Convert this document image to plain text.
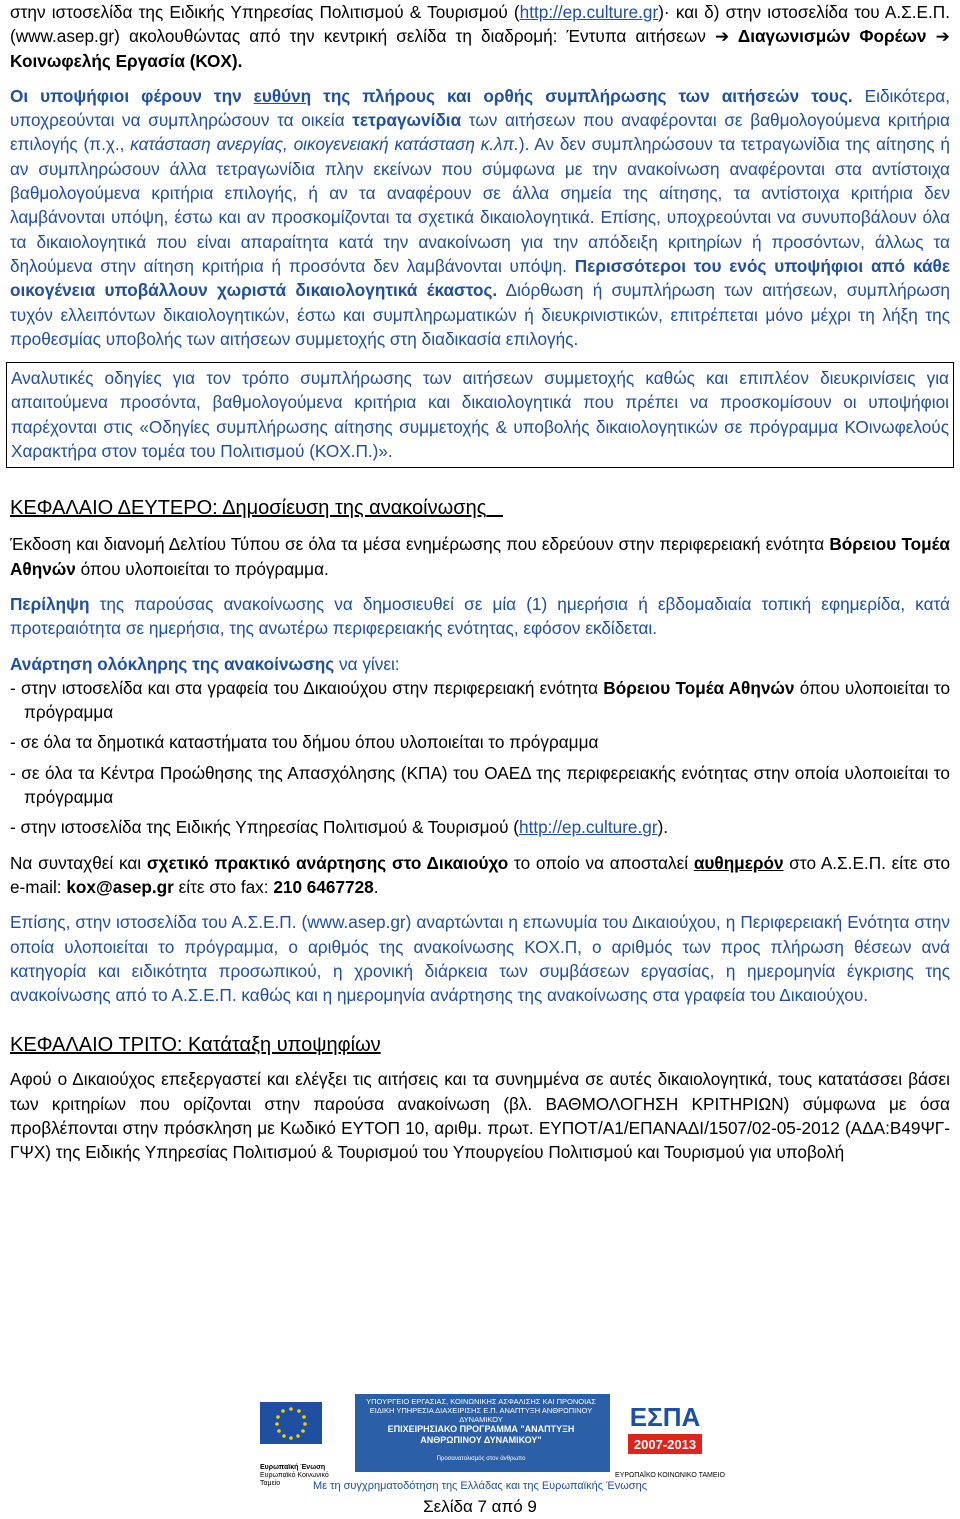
στην ιστοσελίδα της Ειδικής Υπηρεσίας Πολιτισμού & Τουρισμού (http://ep.culture.gr)· και δ) στην ιστοσελίδα του Α.Σ.Ε.Π. (www.asep.gr) ακολουθώντας από την κεντρική σελίδα τη διαδρομή: Έντυπα αιτήσεων ➔ Διαγωνισμών Φορέων ➔ Κοινωφελής Εργασία (ΚΟΧ).

Οι υποψήφιοι φέρουν την ευθύνη της πλήρους και ορθής συμπλήρωσης των αιτήσεών τους. Ειδικότερα, υποχρεούνται να συμπληρώσουν τα οικεία τετραγωνίδια των αιτήσεων που αναφέρονται σε βαθμολογούμενα κριτήρια επιλογής (π.χ., κατάσταση ανεργίας, οικογενειακή κατάσταση κ.λπ.). Αν δεν συμπληρώσουν τα τετραγωνίδια της αίτησης ή αν συμπληρώσουν άλλα τετραγωνίδια πλην εκείνων που σύμφωνα με την ανακοίνωση αναφέρονται στα αντίστοιχα βαθμολογούμενα κριτήρια επιλογής, ή αν τα αναφέρουν σε άλλα σημεία της αίτησης, τα αντίστοιχα κριτήρια δεν λαμβάνονται υπόψη, έστω και αν προσκομίζονται τα σχετικά δικαιολογητικά. Επίσης, υποχρεούνται να συνυποβάλουν όλα τα δικαιολογητικά που είναι απαραίτητα κατά την ανακοίνωση για την απόδειξη κριτηρίων ή προσόντων, άλλως τα δηλούμενα στην αίτηση κριτήρια ή προσόντα δεν λαμβάνονται υπόψη. Περισσότεροι του ενός υποψήφιοι από κάθε οικογένεια υποβάλλουν χωριστά δικαιολογητικά έκαστος. Διόρθωση ή συμπλήρωση των αιτήσεων, συμπλήρωση τυχόν ελλειπόντων δικαιολογητικών, έστω και συμπληρωματικών ή διευκρινιστικών, επιτρέπεται μόνο μέχρι τη λήξη της προθεσμίας υποβολής των αιτήσεων συμμετοχής στη διαδικασία επιλογής.

Αναλυτικές οδηγίες για τον τρόπο συμπλήρωσης των αιτήσεων συμμετοχής καθώς και επιπλέον διευκρινίσεις για απαιτούμενα προσόντα, βαθμολογούμενα κριτήρια και δικαιολογητικά που πρέπει να προσκομίσουν οι υποψήφιοι παρέχονται στις «Οδηγίες συμπλήρωσης αίτησης συμμετοχής & υποβολής δικαιολογητικών σε πρόγραμμα ΚΟινωφελούς Χαρακτήρα στον τομέα του Πολιτισμού (ΚΟΧ.Π.)».

ΚΕΦΑΛΑΙΟ ΔΕΥΤΕΡΟ: Δημοσίευση της ανακοίνωσης

Έκδοση και διανομή Δελτίου Τύπου σε όλα τα μέσα ενημέρωσης που εδρεύουν στην περιφερειακή ενότητα Βόρειου Τομέα Αθηνών όπου υλοποιείται το πρόγραμμα.

Περίληψη της παρούσας ανακοίνωσης να δημοσιευθεί σε μία (1) ημερήσια ή εβδομαδιαία τοπική εφημερίδα, κατά προτεραιότητα σε ημερήσια, της ανωτέρω περιφερειακής ενότητας, εφόσον εκδίδεται.

Ανάρτηση ολόκληρης της ανακοίνωσης να γίνει:

- στην ιστοσελίδα και στα γραφεία του Δικαιούχου στην περιφερειακή ενότητα Βόρειου Τομέα Αθηνών όπου υλοποιείται το πρόγραμμα

- σε όλα τα δημοτικά καταστήματα του δήμου όπου υλοποιείται το πρόγραμμα

- σε όλα τα Κέντρα Προώθησης της Απασχόλησης (ΚΠΑ) του ΟΑΕΔ της περιφερειακής ενότητας στην οποία υλοποιείται το πρόγραμμα

- στην ιστοσελίδα της Ειδικής Υπηρεσίας Πολιτισμού & Τουρισμού (http://ep.culture.gr).

Να συνταχθεί και σχετικό πρακτικό ανάρτησης στο Δικαιούχο το οποίο να αποσταλεί αυθημερόν στο Α.Σ.Ε.Π. είτε στο e-mail: kox@asep.gr είτε στο fax: 210 6467728.

Επίσης, στην ιστοσελίδα του Α.Σ.Ε.Π. (www.asep.gr) αναρτώνται η επωνυμία του Δικαιούχου, η Περιφερειακή Ενότητα στην οποία υλοποιείται το πρόγραμμα, ο αριθμός της ανακοίνωσης ΚΟΧ.Π, ο αριθμός των προς πλήρωση θέσεων ανά κατηγορία και ειδικότητα προσωπικού, η χρονική διάρκεια των συμβάσεων εργασίας, η ημερομηνία έγκρισης της ανακοίνωσης από το Α.Σ.Ε.Π. καθώς και η ημερομηνία ανάρτησης της ανακοίνωσης στα γραφεία του Δικαιούχου.

ΚΕΦΑΛΑΙΟ ΤΡΙΤΟ: Κατάταξη υποψηφίων

Αφού ο Δικαιούχος επεξεργαστεί και ελέγξει τις αιτήσεις και τα συνημμένα σε αυτές δικαιολογητικά, τους κατατάσσει βάσει των κριτηρίων που ορίζονται στην παρούσα ανακοίνωση (βλ. ΒΑΘΜΟΛΟΓΗΣΗ ΚΡΙΤΗΡΙΩΝ) σύμφωνα με όσα προβλέπονται στην πρόσκληση με Κωδικό ΕΥΤΟΠ 10, αριθμ. πρωτ. ΕΥΠΟΤ/Α1/ΕΠΑΝΑΔΙ/1507/02-05-2012 (ΑΔΑ:Β49ΨΓ-ΓΨΧ) της Ειδικής Υπηρεσίας Πολιτισμού & Τουρισμού του Υπουργείου Πολιτισμού και Τουρισμού για υποβολή

Ευρωπαϊκή Ένωση
Ευρωπαϊκό Κοινωνικό Ταμείο
ΥΠΟΥΡΓΕΙΟ ΕΡΓΑΣΙΑΣ, ΚΟΙΝΩΝΙΚΗΣ ΑΣΦΑΛΙΣΗΣ ΚΑΙ ΠΡΟΝΟΙΑΣ ΕΙΔΙΚΗ ΥΠΗΡΕΣΙΑ ΔΙΑΧΕΙΡΙΣΗΣ Ε.Π. ΑΝΑΠΤΥΞΗ ΑΝΘΡΩΠΙΝΟΥ ΔΥΝΑΜΙΚΟΥ
ΕΠΙΧΕΙΡΗΣΙΑΚΟ ΠΡΟΓΡΑΜΜΑ "ΑΝΑΠΤΥΞΗ ΑΝΘΡΩΠΙΝΟΥ ΔΥΝΑΜΙΚΟΥ"
Προσανατολισμός στον άνθρωπο
ΕΣΠΑ
2007-2013
ΕΥΡΩΠΑΪΚΟ ΚΟΙΝΩΝΙΚΟ ΤΑΜΕΙΟ
Με τη συγχρηματοδότηση της Ελλάδας και της Ευρωπαϊκής Ένωσης
Σελίδα 7 από 9
